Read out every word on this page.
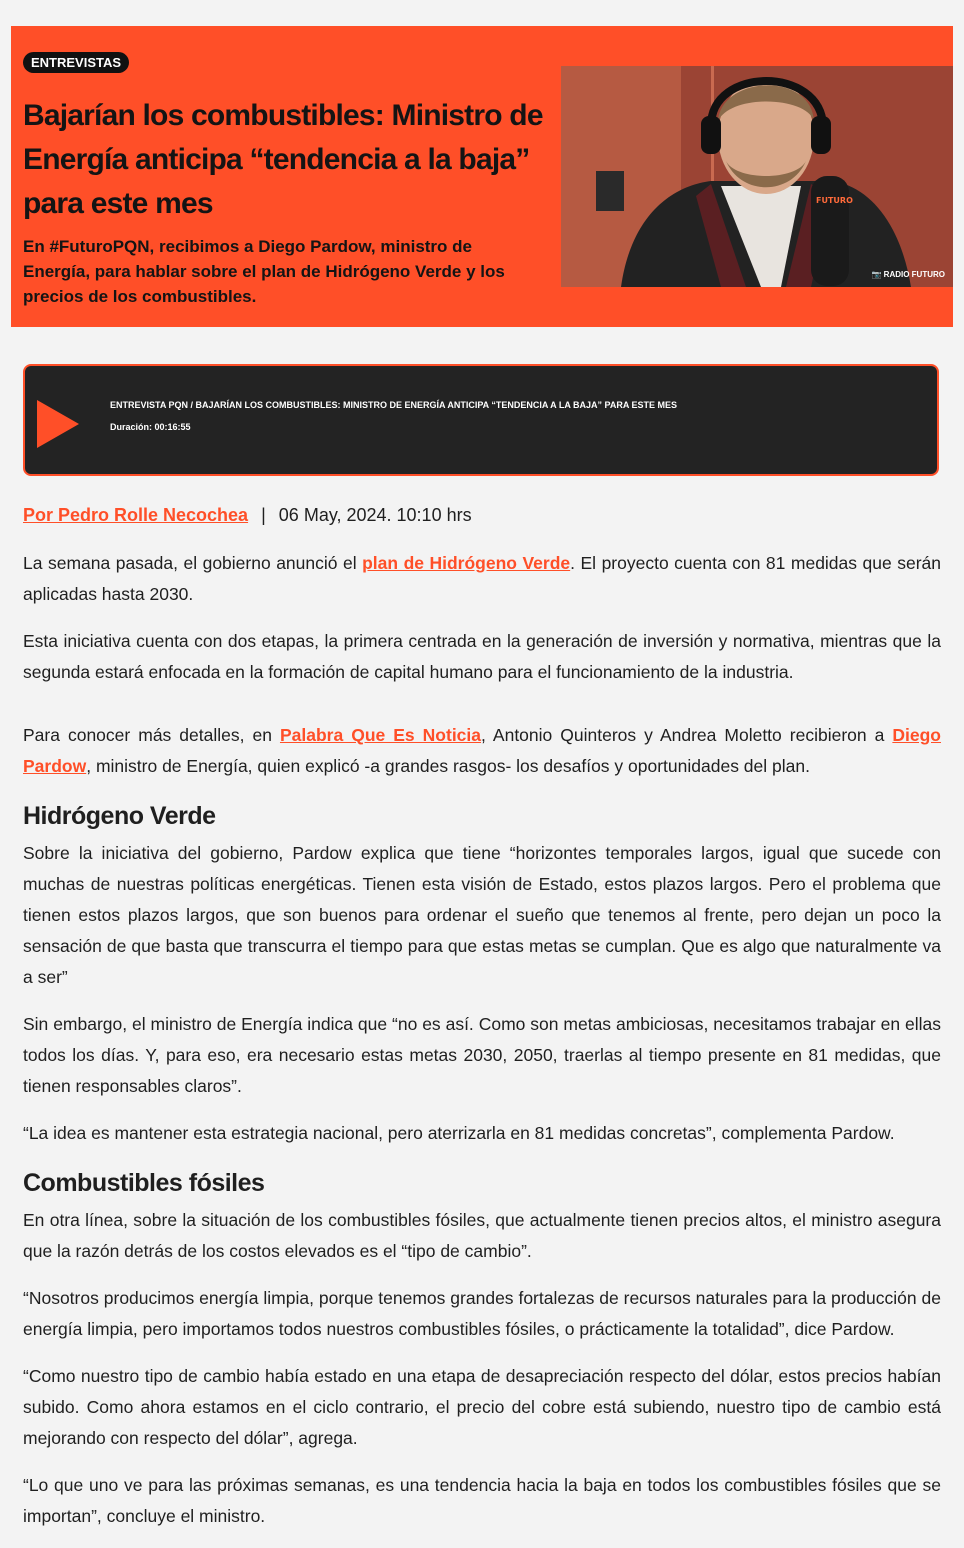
ENTREVISTAS
Bajarían los combustibles: Ministro de Energía anticipa “tendencia a la baja” para este mes

En #FuturoPQN, recibimos a Diego Pardow, ministro de Energía, para hablar sobre el plan de Hidrógeno Verde y los precios de los combustibles.

FUTURO
📷 RADIO FUTURO
ENTREVISTA PQN / BAJARÍAN LOS COMBUSTIBLES: MINISTRO DE ENERGÍA ANTICIPA “TENDENCIA A LA BAJA” PARA ESTE MES
Duración: 00:16:55
Por Pedro Rolle Necochea | 06 May, 2024. 10:10 hrs

La semana pasada, el gobierno anunció el plan de Hidrógeno Verde. El proyecto cuenta con 81 medidas que serán aplicadas hasta 2030.

Esta iniciativa cuenta con dos etapas, la primera centrada en la generación de inversión y normativa, mientras que la segunda estará enfocada en la formación de capital humano para el funcionamiento de la industria.

Para conocer más detalles, en Palabra Que Es Noticia, Antonio Quinteros y Andrea Moletto recibieron a Diego Pardow, ministro de Energía, quien explicó -a grandes rasgos- los desafíos y oportunidades del plan.

Hidrógeno Verde

Sobre la iniciativa del gobierno, Pardow explica que tiene “horizontes temporales largos, igual que sucede con muchas de nuestras políticas energéticas. Tienen esta visión de Estado, estos plazos largos. Pero el problema que tienen estos plazos largos, que son buenos para ordenar el sueño que tenemos al frente, pero dejan un poco la sensación de que basta que transcurra el tiempo para que estas metas se cumplan. Que es algo que naturalmente va a ser”

Sin embargo, el ministro de Energía indica que “no es así. Como son metas ambiciosas, necesitamos trabajar en ellas todos los días. Y, para eso, era necesario estas metas 2030, 2050, traerlas al tiempo presente en 81 medidas, que tienen responsables claros”.

“La idea es mantener esta estrategia nacional, pero aterrizarla en 81 medidas concretas”, complementa Pardow.

Combustibles fósiles

En otra línea, sobre la situación de los combustibles fósiles, que actualmente tienen precios altos, el ministro asegura que la razón detrás de los costos elevados es el “tipo de cambio”.

“Nosotros producimos energía limpia, porque tenemos grandes fortalezas de recursos naturales para la producción de energía limpia, pero importamos todos nuestros combustibles fósiles, o prácticamente la totalidad”, dice Pardow.

“Como nuestro tipo de cambio había estado en una etapa de desapreciación respecto del dólar, estos precios habían subido. Como ahora estamos en el ciclo contrario, el precio del cobre está subiendo, nuestro tipo de cambio está mejorando con respecto del dólar”, agrega.

“Lo que uno ve para las próximas semanas, es una tendencia hacia la baja en todos los combustibles fósiles que se importan”, concluye el ministro.
